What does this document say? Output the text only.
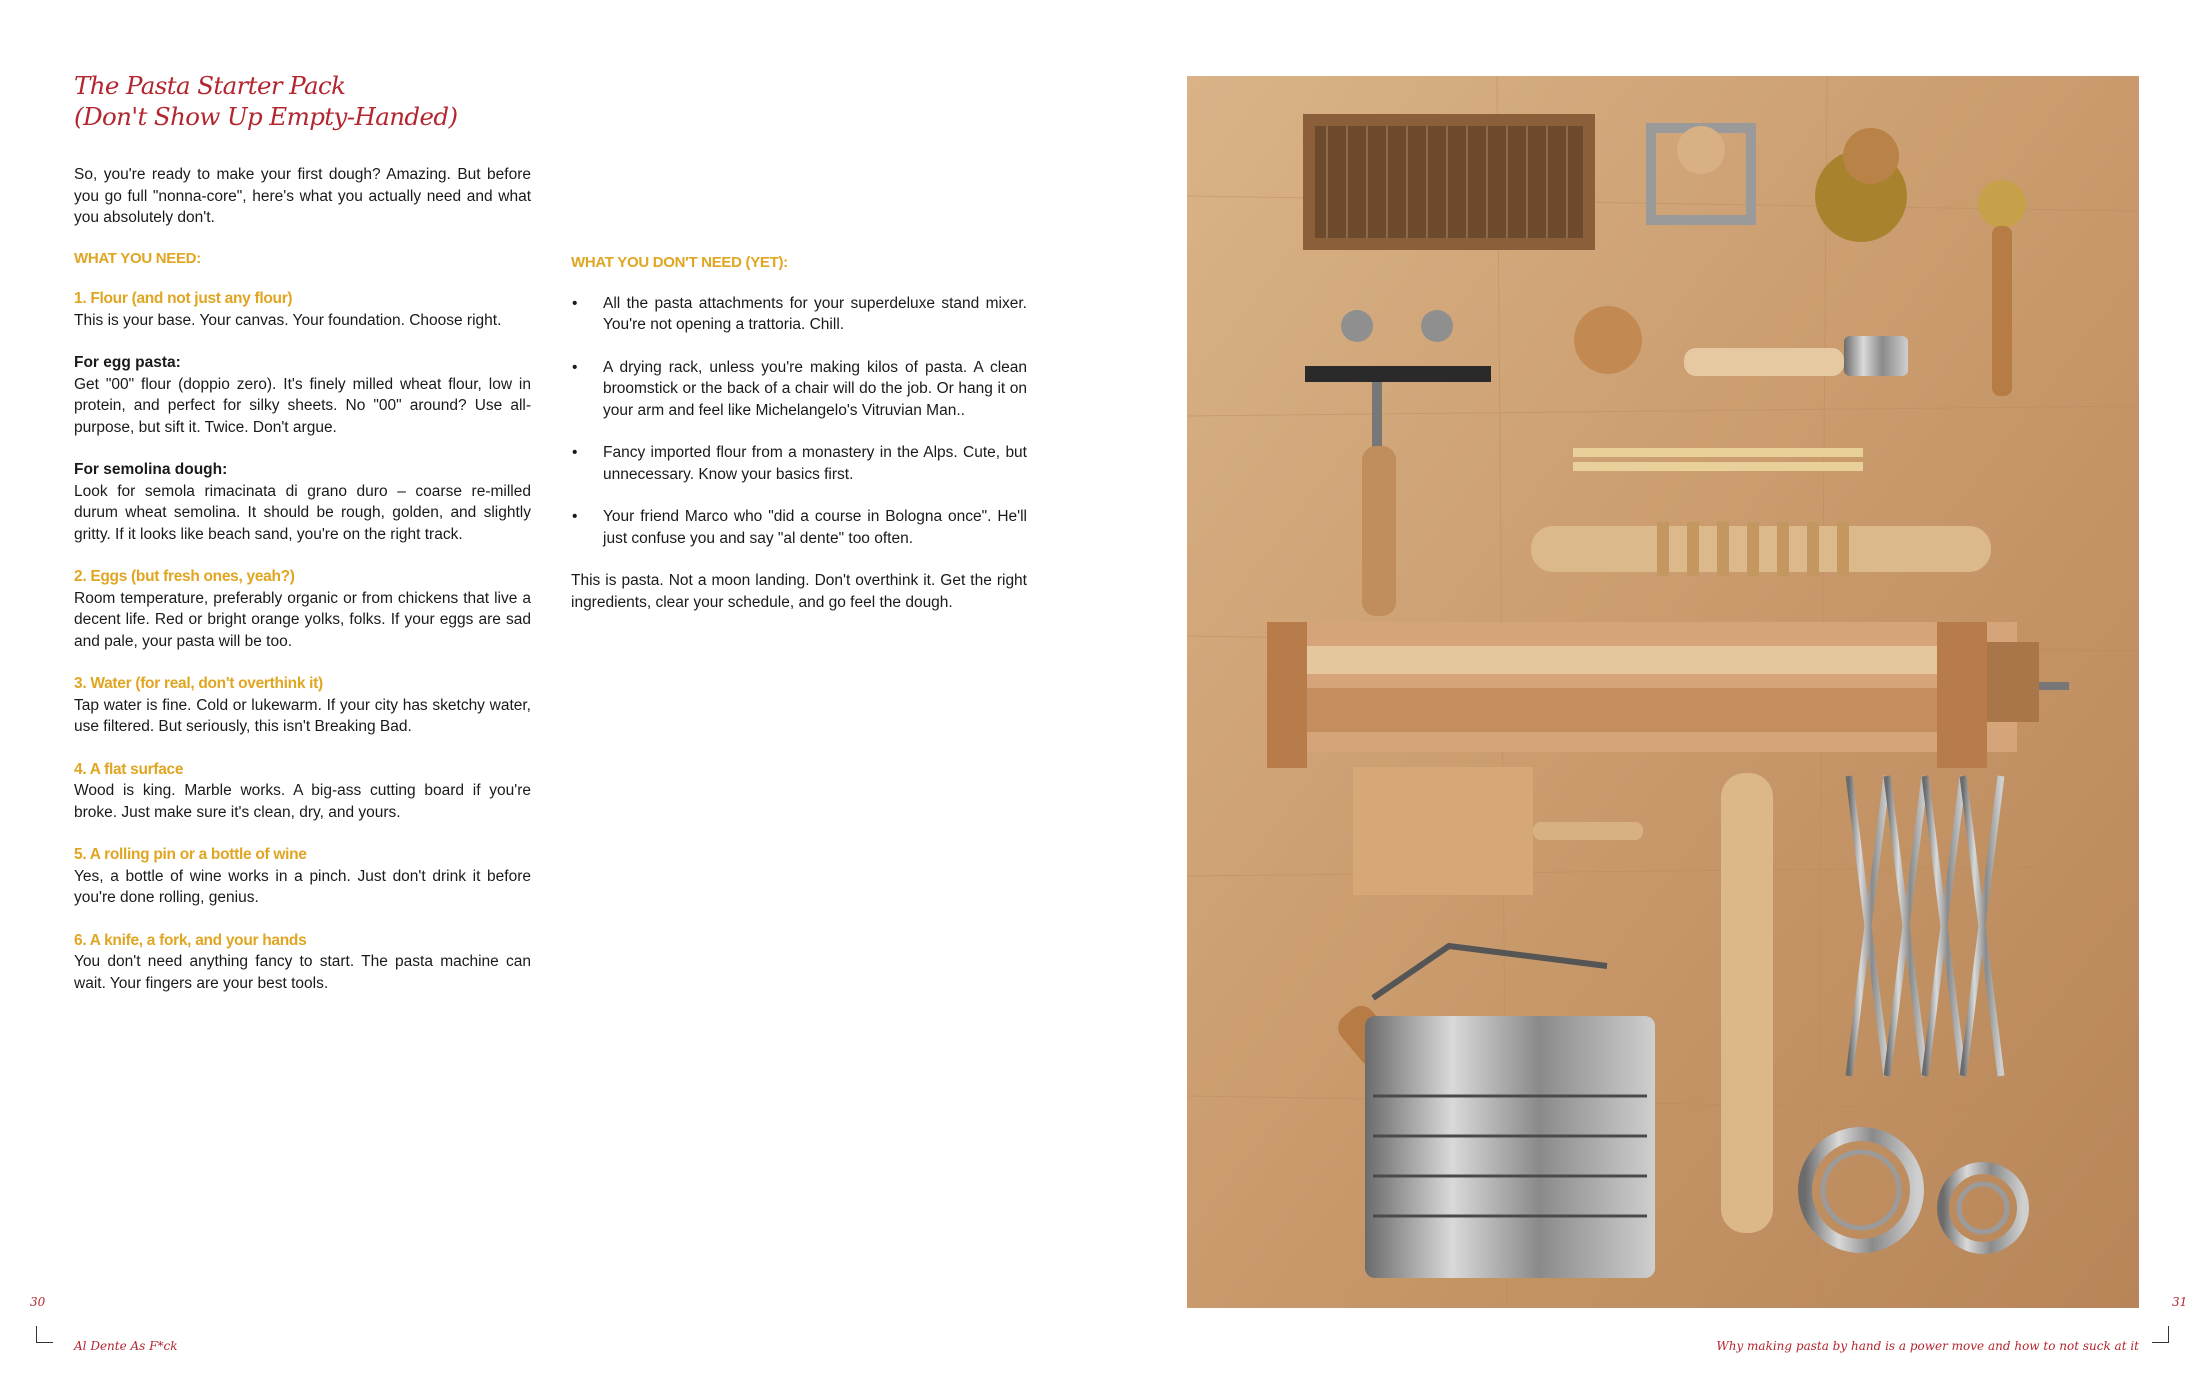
The Pasta Starter Pack
(Don't Show Up Empty-Handed)

So, you're ready to make your first dough? Amazing. But before you go full "nonna-core", here's what you actually need and what you absolutely don't.

WHAT YOU NEED:
1. Flour (and not just any flour)
This is your base. Your canvas. Your foundation. Choose right.
For egg pasta:
Get "00" flour (doppio zero). It's finely milled wheat flour, low in protein, and perfect for silky sheets. No "00" around? Use all-purpose, but sift it. Twice. Don't argue.
For semolina dough:
Look for semola rimacinata di grano duro – coarse re-milled durum wheat semolina. It should be rough, golden, and slightly gritty. If it looks like beach sand, you're on the right track.
2. Eggs (but fresh ones, yeah?)
Room temperature, preferably organic or from chickens that live a decent life. Red or bright orange yolks, folks. If your eggs are sad and pale, your pasta will be too.
3. Water (for real, don't overthink it)
Tap water is fine. Cold or lukewarm. If your city has sketchy water, use filtered. But seriously, this isn't Breaking Bad.
4. A flat surface
Wood is king. Marble works. A big-ass cutting board if you're broke. Just make sure it's clean, dry, and yours.
5. A rolling pin or a bottle of wine
Yes, a bottle of wine works in a pinch. Just don't drink it before you're done rolling, genius.
6. A knife, a fork, and your hands
You don't need anything fancy to start. The pasta machine can wait. Your fingers are your best tools.
WHAT YOU DON'T NEED (YET):
• All the pasta attachments for your superdeluxe stand mixer. You're not opening a trattoria. Chill.
• A drying rack, unless you're making kilos of pasta. A clean broomstick or the back of a chair will do the job. Or hang it on your arm and feel like Michelangelo's Vitruvian Man..
• Fancy imported flour from a monastery in the Alps. Cute, but unnecessary. Know your basics first.
• Your friend Marco who "did a course in Bologna once". He'll just confuse you and say "al dente" too often.

This is pasta. Not a moon landing. Don't overthink it. Get the right ingredients, clear your schedule, and go feel the dough.

30	31
Al Dente As F*ck	Why making pasta by hand is a power move and how to not suck at it
